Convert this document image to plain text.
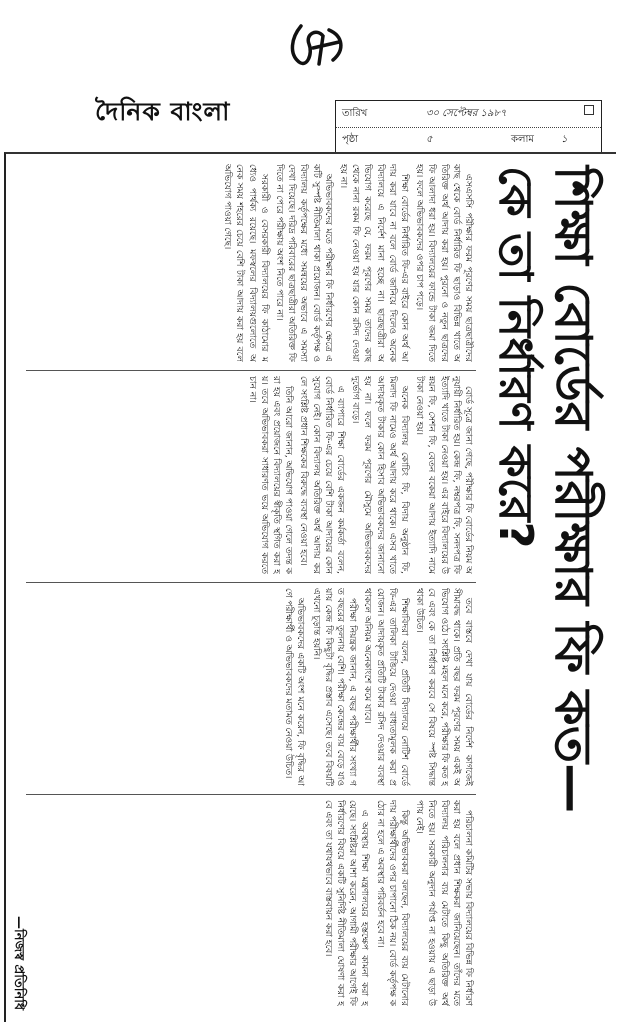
দৈনিক বাংলা	তারিখ	৩০ সেপ্টেম্বর ১৯৮৭
পৃষ্ঠা	৫	কলাম	১
শিক্ষা বোর্ডের পরীক্ষার ফি কত—
কে তা নির্ধারণ করে?

এসএসসি পরীক্ষার ফরম পূরণের সময় ছাত্রছাত্রীদের কাছ থেকে বোর্ড নির্ধারিত ফি ছাড়াও বিভিন্ন খাতে অতিরিক্ত অর্থ আদায় করা হয়। পুরনো ও নতুন ছাত্রদের ফি আলাদা ধরা হয়। বিদ্যালয়ের ফান্ডে টাকা জমা দিতে হয়। ফলে অভিভাবকদের ওপর চাপ পড়ে।

শিক্ষা বোর্ডের নির্ধারিত ফি-এর বাইরে কোন অর্থ আদায় করা যাবে না বলে বোর্ড জানিয়ে দিলেও অনেক বিদ্যালয়ে এ নির্দেশ মানা হচ্ছে না। ছাত্রছাত্রীরা অভিযোগ করেছে যে, ফরম পূরণের সময় তাদের কাছ থেকে নানা রকম ফি নেওয়া হয় যার কোন রসিদ দেওয়া হয় না।

অভিভাবকদের মতে পরীক্ষার ফি নির্ধারণের ক্ষেত্রে একটি সুস্পষ্ট নীতিমালা থাকা প্রয়োজন। বোর্ড কর্তৃপক্ষ ও বিদ্যালয় কর্তৃপক্ষের মধ্যে সমন্বয়ের অভাবে এ সমস্যা দেখা দিয়েছে। দরিদ্র পরিবারের ছাত্রছাত্রীরা অতিরিক্ত ফি দিতে না পেরে পরীক্ষায় অংশ নিতে পারে না।

সরকারী ও বেসরকারী বিদ্যালয়ের ফি কাঠামোর মধ্যেও পার্থক্য রয়েছে। মফস্বলের বিদ্যালয়গুলোতে অনেক সময় শহরের চেয়ে বেশি টাকা আদায় করা হয় বলে অভিযোগ পাওয়া গেছে।

বোর্ড সূত্রে জানা গেছে, পরীক্ষার ফি বোর্ডের নিয়ম অনুযায়ী নির্ধারিত হয়। কেন্দ্র ফি, নম্বরপত্র ফি, সনদপত্র ফি ইত্যাদি খাতে টাকা নেওয়া হয়। এর বাইরে বিদ্যালয়ের উন্নয়ন ফি, সেশন ফি, বেতন বকেয়া আদায় ইত্যাদি নামে টাকা নেওয়া হয়।

অনেক বিদ্যালয় কোচিং ফি, বিদায় অনুষ্ঠান ফি, মিলাদ ফি নামেও অর্থ আদায় করে থাকে। এসব খাতে আদায়কৃত টাকার কোন হিসাব অভিভাবকদের জানানো হয় না। ফলে ফরম পূরণের মৌসুমে অভিভাবকদের দুর্ভোগ বাড়ে।

এ ব্যাপারে শিক্ষা বোর্ডের একজন কর্মকর্তা বলেন, বোর্ড নির্ধারিত ফি-এর চেয়ে বেশি টাকা আদায়ের কোন সুযোগ নেই। কোন বিদ্যালয় অতিরিক্ত অর্থ আদায় করলে সংশ্লিষ্ট প্রধান শিক্ষকের বিরুদ্ধে ব্যবস্থা নেওয়া হবে।

তিনি আরো জানান, অভিযোগ পাওয়া গেলে তদন্ত করা হয় এবং প্রয়োজনে বিদ্যালয়ের স্বীকৃতি স্থগিত করা হয়। তবে অভিভাবকরা সাধারণত ভয়ে অভিযোগ করতে চান না।

তবে বাস্তবে দেখা যায় বোর্ডের নির্দেশ কাগজেই সীমাবদ্ধ থাকে। প্রতি বছর ফরম পূরণের সময় একই অভিযোগ ওঠে। সংশ্লিষ্ট মহল মনে করে, পরীক্ষার ফি কত হবে এবং কে তা নির্ধারণ করবে সে বিষয়ে স্পষ্ট সিদ্ধান্ত থাকা উচিত।

শিক্ষাবিদরা বলেন, প্রতিটি বিদ্যালয়ে নোটিশ বোর্ডে ফি-এর তালিকা টাঙিয়ে দেওয়া বাধ্যতামূলক করা প্রয়োজন। আদায়কৃত প্রতিটি টাকার রসিদ দেওয়ার ব্যবস্থা থাকলে অনিয়ম অনেকাংশে কমে যাবে।

পরীক্ষা নিয়ন্ত্রক জানান, এ বছর পরীক্ষার্থীর সংখ্যা গত বছরের তুলনায় বেশি। পরীক্ষা কেন্দ্রের ব্যয় বেড়ে যাওয়ায় কেন্দ্র ফি কিছুটা বৃদ্ধির প্রস্তাব এসেছে। তবে বিষয়টি এখনো চূড়ান্ত হয়নি।

অভিভাবকদের একটি অংশ মনে করেন, ফি বৃদ্ধির আগে পরীক্ষার্থী ও অভিভাবকদের মতামত নেওয়া উচিত।

পরিচালনা কমিটির সভায় বিদ্যালয়ের বিভিন্ন ফি নির্ধারণ করা হয় বলে প্রধান শিক্ষকরা জানিয়েছেন। তাঁদের মতে বিদ্যালয় পরিচালনার ব্যয় মেটাতে কিছু অতিরিক্ত অর্থ নিতে হয়। সরকারী অনুদান পর্যাপ্ত না হওয়ায় এ ছাড়া উপায় নেই।

কিন্তু অভিভাবকরা বলছেন, বিদ্যালয়ের ব্যয় মেটানোর দায় পরীক্ষার্থীদের ওপর চাপানো ঠিক নয়। বোর্ড কর্তৃপক্ষ কঠোর না হলে এ অবস্থার পরিবর্তন হবে না।

এ অবস্থায় শিক্ষা মন্ত্রণালয়ের হস্তক্ষেপ কামনা করা হয়েছে। সংশ্লিষ্টরা আশা করেন, আগামী পরীক্ষার আগেই ফি নির্ধারণের বিষয়ে একটি সুনির্দিষ্ট নীতিমালা ঘোষণা করা হবে এবং তা যথাযথভাবে বাস্তবায়ন করা হবে।

—নিজস্ব প্রতিনিধি
